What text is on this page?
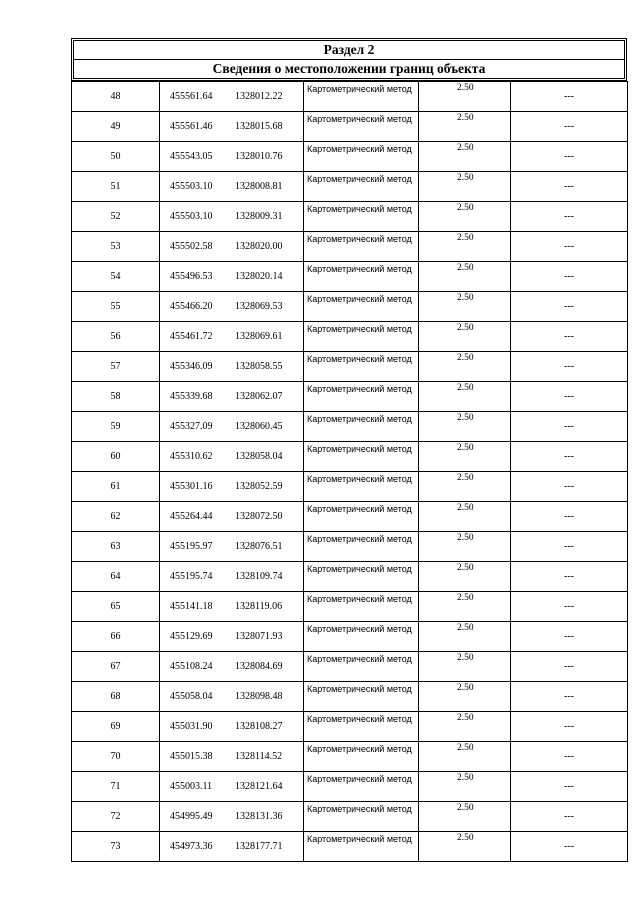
Раздел 2
Сведения о местоположении границ объекта
48	455561.64 1328012.22	Картометрический метод	2.50	---
49	455561.46 1328015.68	Картометрический метод	2.50	---
50	455543.05 1328010.76	Картометрический метод	2.50	---
51	455503.10 1328008.81	Картометрический метод	2.50	---
52	455503.10 1328009.31	Картометрический метод	2.50	---
53	455502.58 1328020.00	Картометрический метод	2.50	---
54	455496.53 1328020.14	Картометрический метод	2.50	---
55	455466.20 1328069.53	Картометрический метод	2.50	---
56	455461.72 1328069.61	Картометрический метод	2.50	---
57	455346.09 1328058.55	Картометрический метод	2.50	---
58	455339.68 1328062.07	Картометрический метод	2.50	---
59	455327.09 1328060.45	Картометрический метод	2.50	---
60	455310.62 1328058.04	Картометрический метод	2.50	---
61	455301.16 1328052.59	Картометрический метод	2.50	---
62	455264.44 1328072.50	Картометрический метод	2.50	---
63	455195.97 1328076.51	Картометрический метод	2.50	---
64	455195.74 1328109.74	Картометрический метод	2.50	---
65	455141.18 1328119.06	Картометрический метод	2.50	---
66	455129.69 1328071.93	Картометрический метод	2.50	---
67	455108.24 1328084.69	Картометрический метод	2.50	---
68	455058.04 1328098.48	Картометрический метод	2.50	---
69	455031.90 1328108.27	Картометрический метод	2.50	---
70	455015.38 1328114.52	Картометрический метод	2.50	---
71	455003.11 1328121.64	Картометрический метод	2.50	---
72	454995.49 1328131.36	Картометрический метод	2.50	---
73	454973.36 1328177.71	Картометрический метод	2.50	---
